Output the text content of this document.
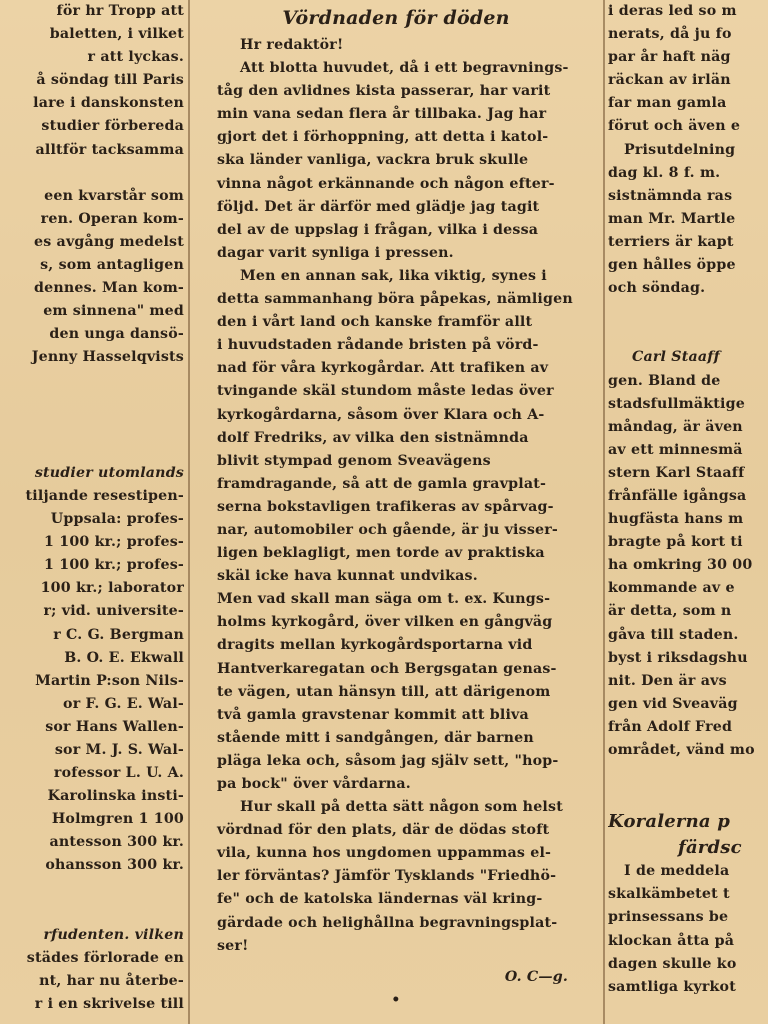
för hr Tropp att
baletten, i vilket
r att lyckas.
å söndag till Paris
lare i danskonsten
studier förbereda
alltför tacksamma
een kvarstår som
ren. Operan kom-
es avgång medelst
s, som antagligen
dennes. Man kom-
em sinnena" med
den unga dansö-
Jenny Hasselqvists
studier utomlands
tiljande resestipen-
Uppsala: profes-
1 100 kr.; profes-
1 100 kr.; profes-
100 kr.; laborator
r; vid. universite-
r C. G. Bergman
B. O. E. Ekwall
Martin P:son Nils-
or F. G. E. Wal-
sor Hans Wallen-
sor M. J. S. Wal-
rofessor L. U. A.
Karolinska insti-
Holmgren 1 100
antesson 300 kr.
ohansson 300 kr.
rfudenten. vilken
städes förlorade en
nt, har nu återbe-
r i en skrivelse till
Vördnaden för döden
Hr redaktör!
Att blotta huvudet, då i ett begravnings-
tåg den avlidnes kista passerar, har varit
min vana sedan flera år tillbaka. Jag har
gjort det i förhoppning, att detta i katol-
ska länder vanliga, vackra bruk skulle
vinna något erkännande och någon efter-
följd. Det är därför med glädje jag tagit
del av de uppslag i frågan, vilka i dessa
dagar varit synliga i pressen.
Men en annan sak, lika viktig, synes i
detta sammanhang böra påpekas, nämligen
den i vårt land och kanske framför allt
i huvudstaden rådande bristen på vörd-
nad för våra kyrkogårdar. Att trafiken av
tvingande skäl stundom måste ledas över
kyrkogårdarna, såsom över Klara och A-
dolf Fredriks, av vilka den sistnämnda
blivit stympad genom Sveavägens
framdragande, så att de gamla gravplat-
serna bokstavligen trafikeras av spårvag-
nar, automobiler och gående, är ju visser-
ligen beklagligt, men torde av praktiska
skäl icke hava kunnat undvikas.
Men vad skall man säga om t. ex. Kungs-
holms kyrkogård, över vilken en gångväg
dragits mellan kyrkogårdsportarna vid
Hantverkaregatan och Bergsgatan genas-
te vägen, utan hänsyn till, att därigenom
två gamla gravstenar kommit att bliva
stående mitt i sandgången, där barnen
pläga leka och, såsom jag själv sett, "hop-
pa bock" över vårdarna.
Hur skall på detta sätt någon som helst
vördnad för den plats, där de dödas stoft
vila, kunna hos ungdomen uppammas el-
ler förväntas? Jämför Tysklands "Friedhö-
fe" och de katolska ländernas väl kring-
gärdade och helighållna begravningsplat-
ser!
O. C—g.
•
i deras led so m
nerats, då ju fo
par år haft näg
räckan av irlän
far man gamla
förut och även e
Prisutdelning
dag kl. 8 f. m.
sistnämnda ras
man Mr. Martle
terriers är kapt
gen hålles öppe
och söndag.
Carl Staaff
gen. Bland de
stadsfullmäktige
måndag, är även
av ett minnesmä
stern Karl Staaff
frånfälle igångsa
hugfästa hans m
bragte på kort ti
ha omkring 30 00
kommande av e
är detta, som n
gåva till staden.
byst i riksdagshu
nit. Den är avs
gen vid Sveaväg
från Adolf Fred
området, vänd mo
Koralerna p
färdsc
I de meddela
skalkämbetet t
prinsessans be
klockan åtta på
dagen skulle ko
samtliga kyrkot
